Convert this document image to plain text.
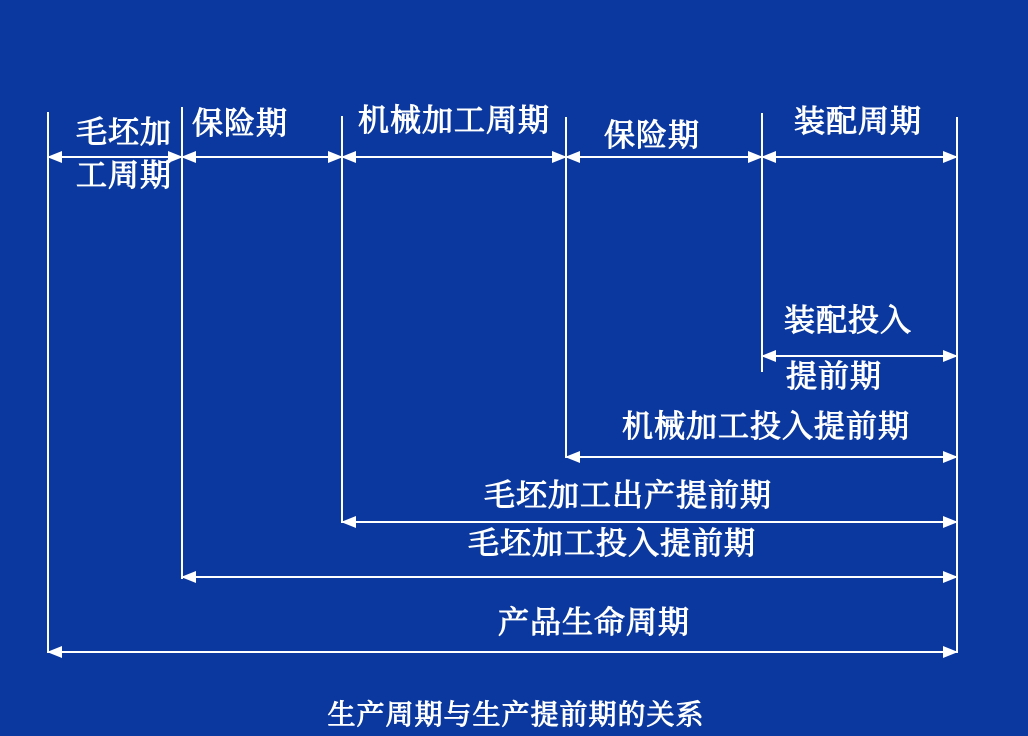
毛坯加
工周期
保险期 机械加工周期 保险期	装配周期
装配投入
提前期
机械加工投入提前期
毛坯加工出产提前期
毛坯加工投入提前期
产品生命周期
生产周期与生产提前期的关系
